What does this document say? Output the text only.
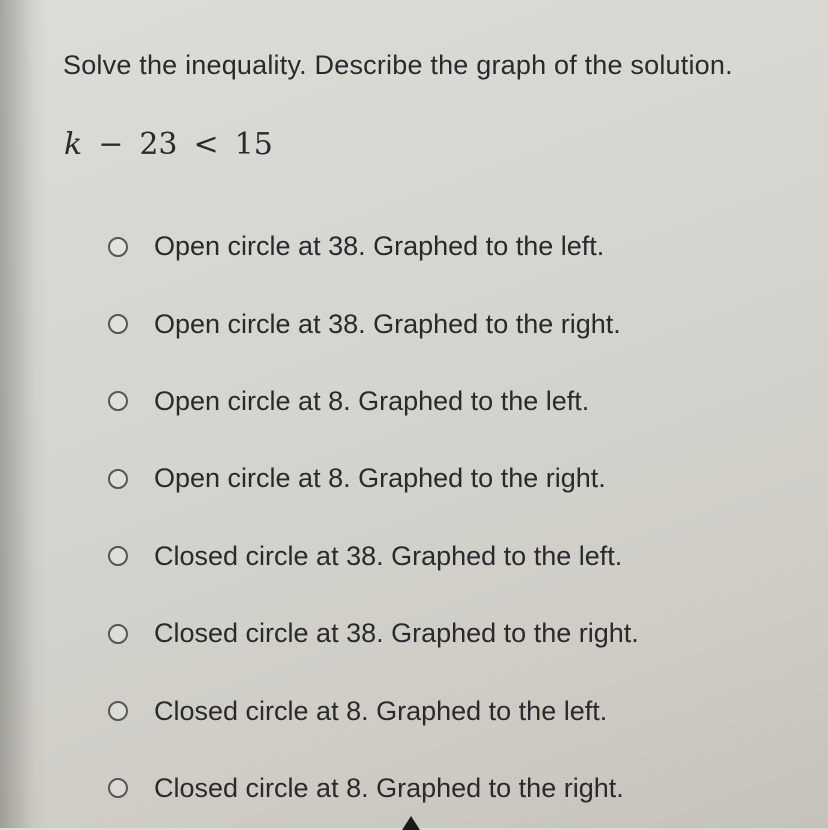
Solve the inequality. Describe the graph of the solution.
k − 23 < 15
Open circle at 38. Graphed to the left.
Open circle at 38. Graphed to the right.
Open circle at 8. Graphed to the left.
Open circle at 8. Graphed to the right.
Closed circle at 38. Graphed to the left.
Closed circle at 38. Graphed to the right.
Closed circle at 8. Graphed to the left.
Closed circle at 8. Graphed to the right.
